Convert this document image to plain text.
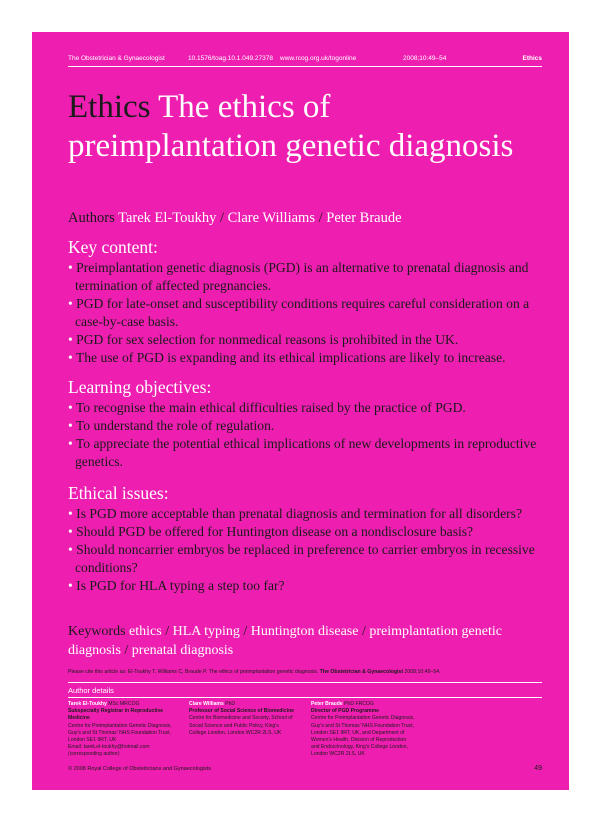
The Obstetrician & Gynaecologist	10.1576/toag.10.1.049.27378 www.rcog.org.uk/togonline	2008;10:49–54	Ethics
Ethics The ethics of preimplantation genetic diagnosis
Authors Tarek El-Toukhy / Clare Williams / Peter Braude
Key content:
• Preimplantation genetic diagnosis (PGD) is an alternative to prenatal diagnosis and termination of affected pregnancies.
• PGD for late-onset and susceptibility conditions requires careful consideration on a case-by-case basis.
• PGD for sex selection for nonmedical reasons is prohibited in the UK.
• The use of PGD is expanding and its ethical implications are likely to increase.
Learning objectives:
• To recognise the main ethical difficulties raised by the practice of PGD.
• To understand the role of regulation.
• To appreciate the potential ethical implications of new developments in reproductive genetics.
Ethical issues:
• Is PGD more acceptable than prenatal diagnosis and termination for all disorders?
• Should PGD be offered for Huntington disease on a nondisclosure basis?
• Should noncarrier embryos be replaced in preference to carrier embryos in recessive conditions?
• Is PGD for HLA typing a step too far?
Keywords ethics / HLA typing / Huntington disease / preimplantation genetic diagnosis / prenatal diagnosis
Please cite this article as: El-Toukhy T, Williams C, Braude P. The ethics of preimplantation genetic diagnosis. The Obstetrician & Gynaecologist 2008;10:49–54.
Author details
Tarek El-Toukhy MSc MRCOG
Subspecialty Registrar in Reproductive Medicine
Centre for Preimplantation Genetic Diagnosis,
Guy's and St Thomas' NHS Foundation Trust,
London SE1 9RT, UK
Email: tarek.el-toukhy@hotmail.com
(corresponding author)
Clare Williams PhD
Professor of Social Science of Biomedicine
Centre for Biomedicine and Society, School of
Social Science and Public Policy, King's
College London, London WC2R 2LS, UK
Peter Braude PhD FRCOG
Director of PGD Programme
Centre for Preimplantation Genetic Diagnosis,
Guy's and St Thomas' NHS Foundation Trust,
London SE1 9RT, UK, and Department of
Women's Health, Division of Reproduction
and Endocrinology, King's College London,
London WC2R 2LS, UK
© 2008 Royal College of Obstetricians and Gynaecologists	49
